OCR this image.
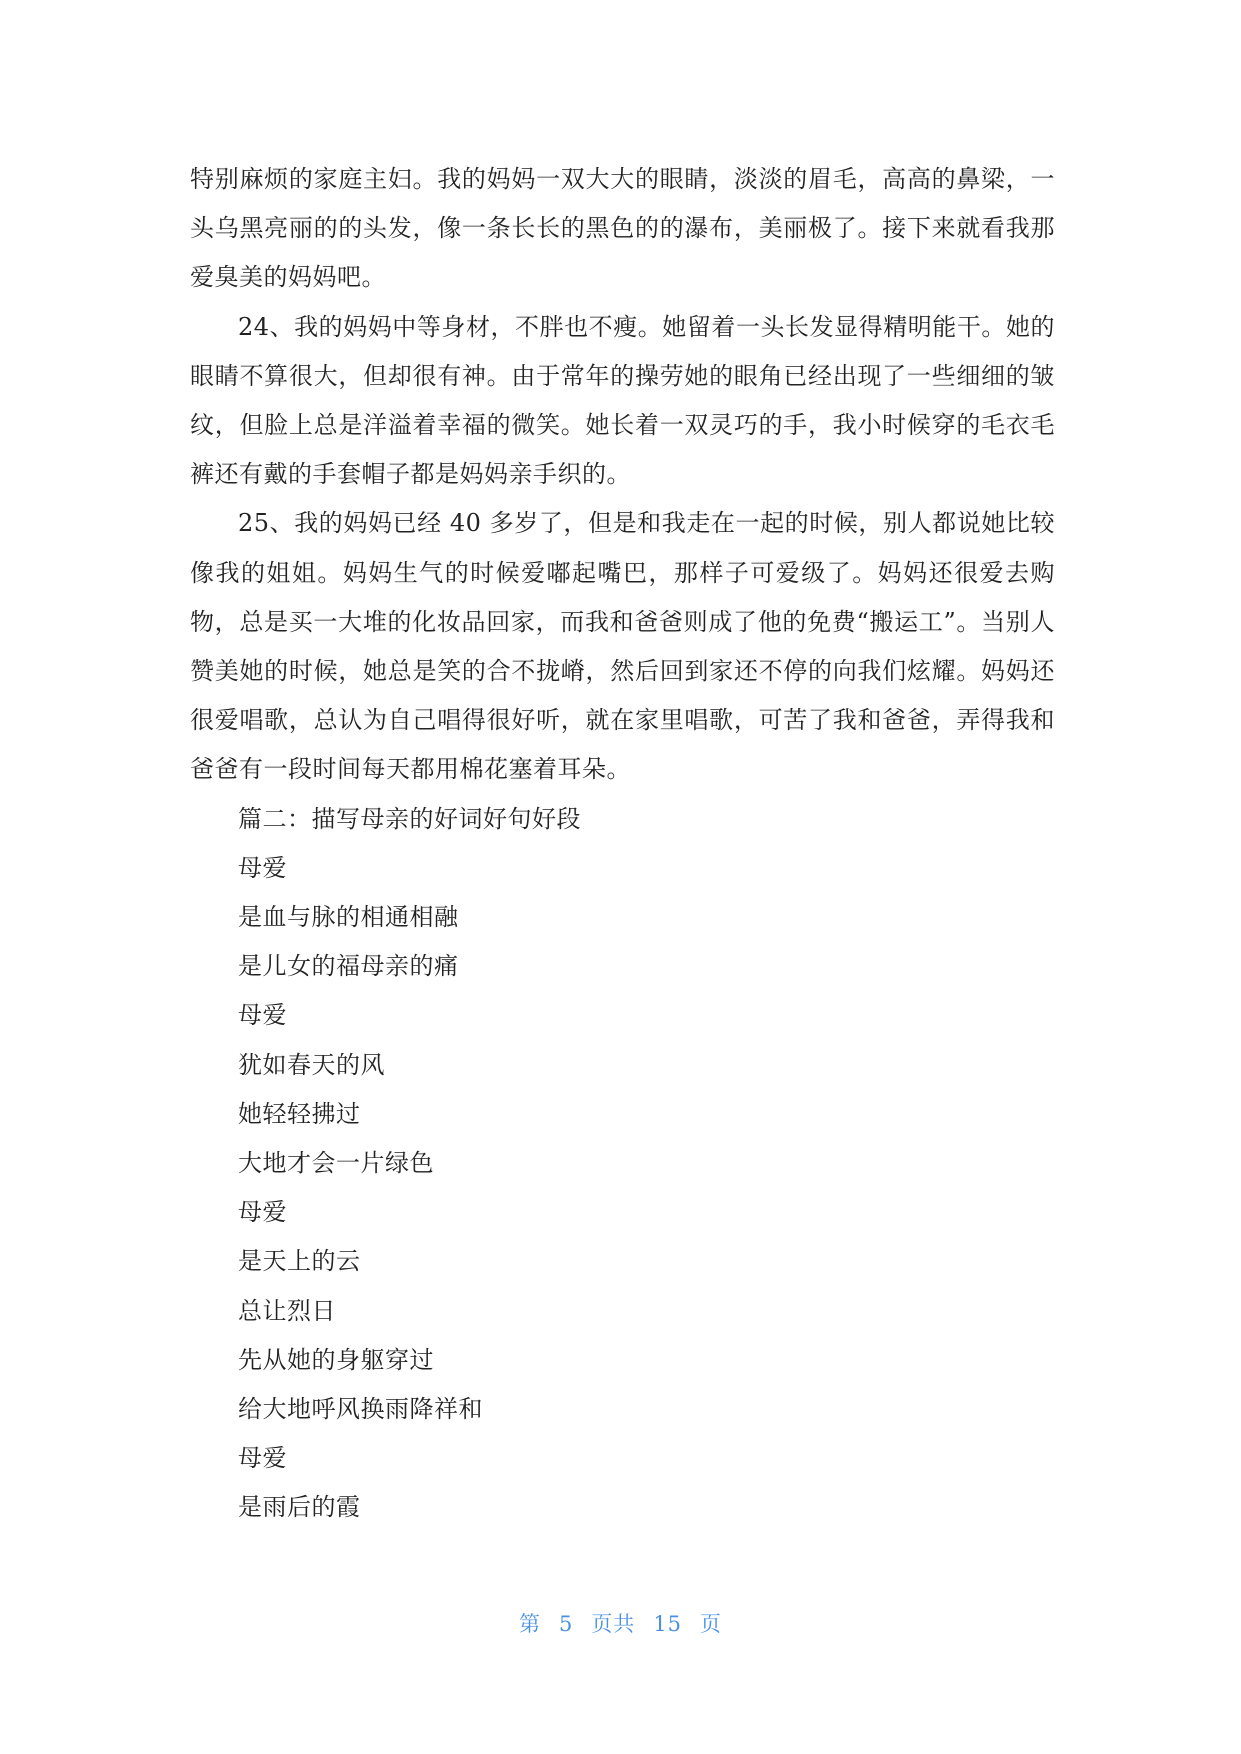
特别麻烦的家庭主妇。我的妈妈一双大大的眼睛，淡淡的眉毛，高高的鼻梁，一头乌黑亮丽的的头发，像一条长长的黑色的的瀑布，美丽极了。接下来就看我那爱臭美的妈妈吧。

24、我的妈妈中等身材，不胖也不瘦。她留着一头长发显得精明能干。她的眼睛不算很大，但却很有神。由于常年的操劳她的眼角已经出现了一些细细的皱纹，但脸上总是洋溢着幸福的微笑。她长着一双灵巧的手，我小时候穿的毛衣毛裤还有戴的手套帽子都是妈妈亲手织的。

25、我的妈妈已经 40 多岁了，但是和我走在一起的时候，别人都说她比较像我的姐姐。妈妈生气的时候爱嘟起嘴巴，那样子可爱级了。妈妈还很爱去购物，总是买一大堆的化妆品回家，而我和爸爸则成了他的免费“搬运工”。当别人赞美她的时候，她总是笑的合不拢嵴，然后回到家还不停的向我们炫耀。妈妈还很爱唱歌，总认为自己唱得很好听，就在家里唱歌，可苦了我和爸爸，弄得我和爸爸有一段时间每天都用棉花塞着耳朵。

篇二：描写母亲的好词好句好段

母爱

是血与脉的相通相融

是儿女的福母亲的痛

母爱

犹如春天的风

她轻轻拂过

大地才会一片绿色

母爱

是天上的云

总让烈日

先从她的身躯穿过

给大地呼风换雨降祥和

母爱

是雨后的霞

第 5 页共 15 页
